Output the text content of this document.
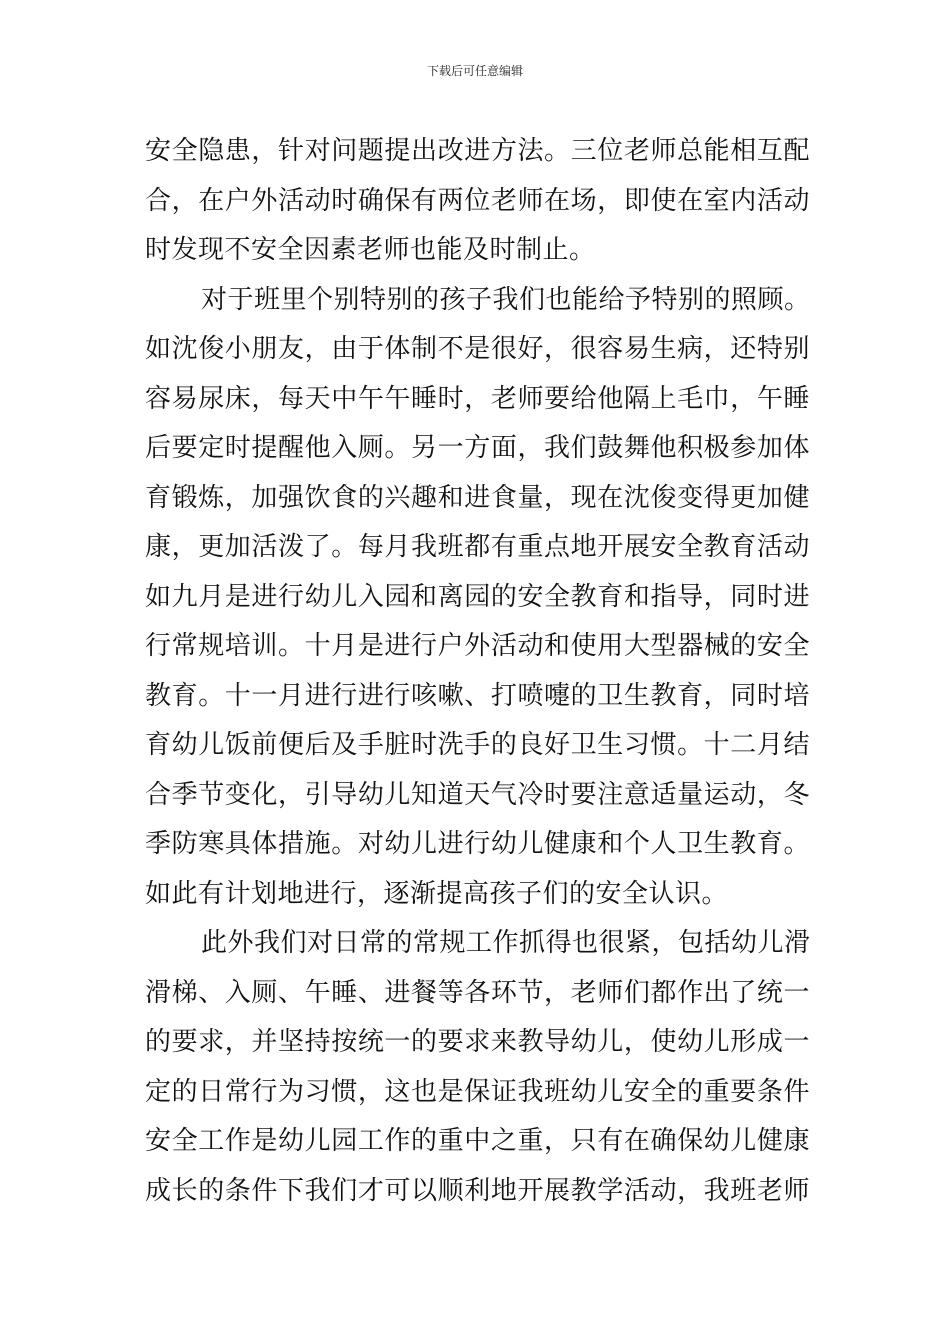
下载后可任意编辑
安全隐患，针对问题提出改进方法。三位老师总能相互配
合，在户外活动时确保有两位老师在场，即使在室内活动
时发现不安全因素老师也能及时制止。
对于班里个别特别的孩子我们也能给予特别的照顾。
如沈俊小朋友，由于体制不是很好，很容易生病，还特别
容易尿床，每天中午午睡时，老师要给他隔上毛巾，午睡
后要定时提醒他入厕。另一方面，我们鼓舞他积极参加体
育锻炼，加强饮食的兴趣和进食量，现在沈俊变得更加健
康，更加活泼了。每月我班都有重点地开展安全教育活动
如九月是进行幼儿入园和离园的安全教育和指导，同时进
行常规培训。十月是进行户外活动和使用大型器械的安全
教育。十一月进行进行咳嗽、打喷嚏的卫生教育，同时培
育幼儿饭前便后及手脏时洗手的良好卫生习惯。十二月结
合季节变化，引导幼儿知道天气冷时要注意适量运动，冬
季防寒具体措施。对幼儿进行幼儿健康和个人卫生教育。
如此有计划地进行，逐渐提高孩子们的安全认识。
此外我们对日常的常规工作抓得也很紧，包括幼儿滑
滑梯、入厕、午睡、进餐等各环节，老师们都作出了统一
的要求，并坚持按统一的要求来教导幼儿，使幼儿形成一
定的日常行为习惯，这也是保证我班幼儿安全的重要条件
安全工作是幼儿园工作的重中之重，只有在确保幼儿健康
成长的条件下我们才可以顺利地开展教学活动，我班老师
